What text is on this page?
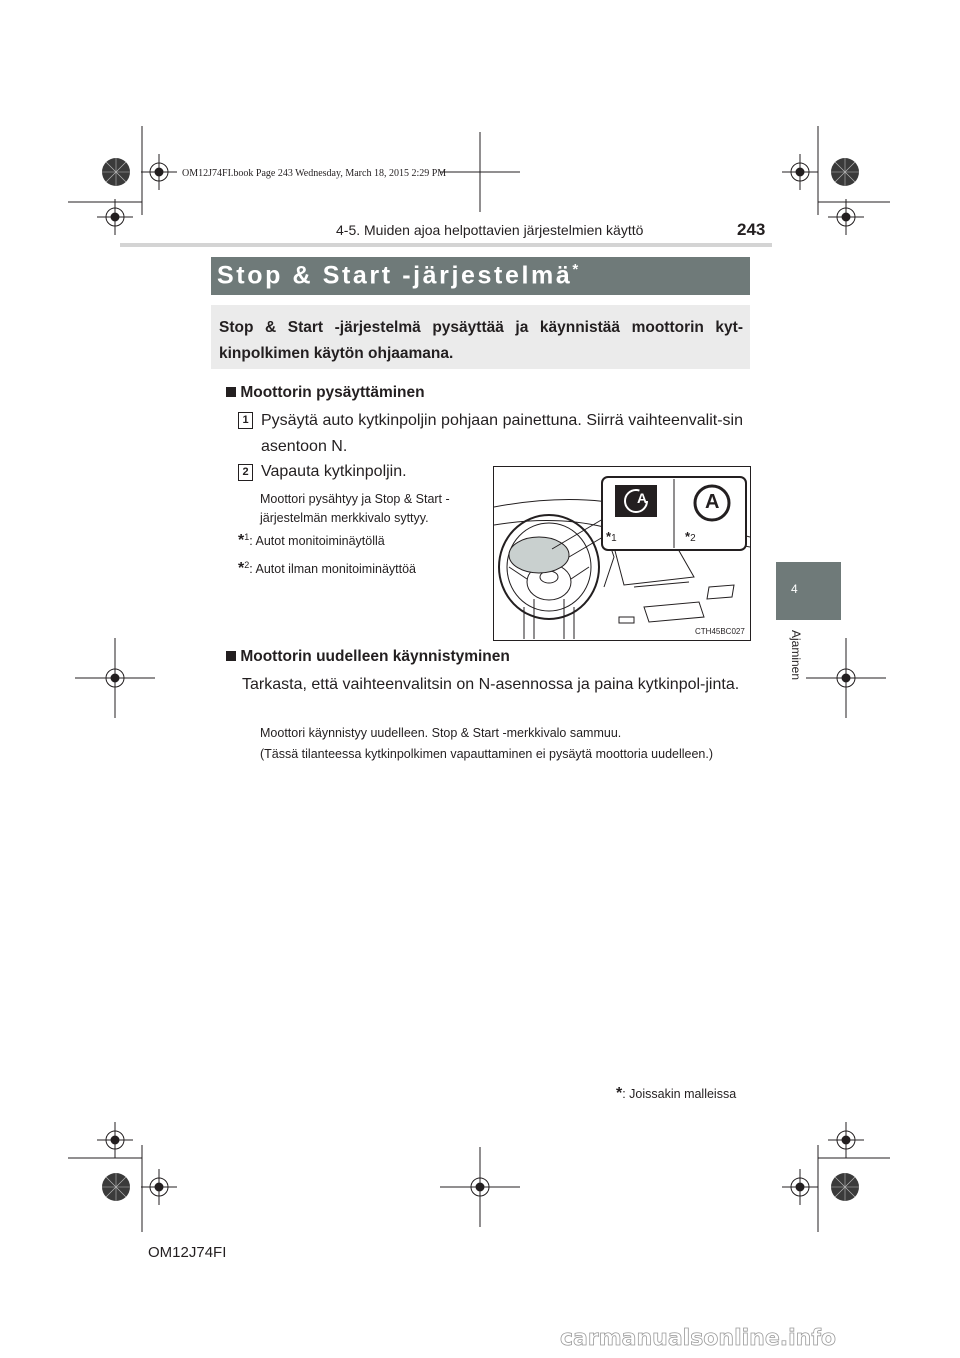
OM12J74FI.book Page 243 Wednesday, March 18, 2015 2:29 PM
4-5. Muiden ajoa helpottavien järjestelmien käyttö	243
Stop & Start -järjestelmä*
Stop & Start -järjestelmä pysäyttää ja käynnistää moottorin kyt-kinpolkimen käytön ohjaamana.
Moottorin pysäyttäminen
1 Pysäytä auto kytkinpoljin pohjaan painettuna. Siirrä vaihteenvalit-sin asentoon N.
2 Vapauta kytkinpoljin.
Moottori pysähtyy ja Stop & Start -järjestelmän merkkivalo syttyy.
*$^1$: Autot monitoiminäytöllä
*$^2$: Autot ilman monitoiminäyttöä
A	A
*1	*2
CTH45BC027
Moottorin uudelleen käynnistyminen
Tarkasta, että vaihteenvalitsin on N-asennossa ja paina kytkinpol-jinta.
Moottori käynnistyy uudelleen. Stop & Start -merkkivalo sammuu.
(Tässä tilanteessa kytkinpolkimen vapauttaminen ei pysäytä moottoria uudelleen.)
*: Joissakin malleissa
4
Ajaminen
OM12J74FI
carmanualsonline.info
